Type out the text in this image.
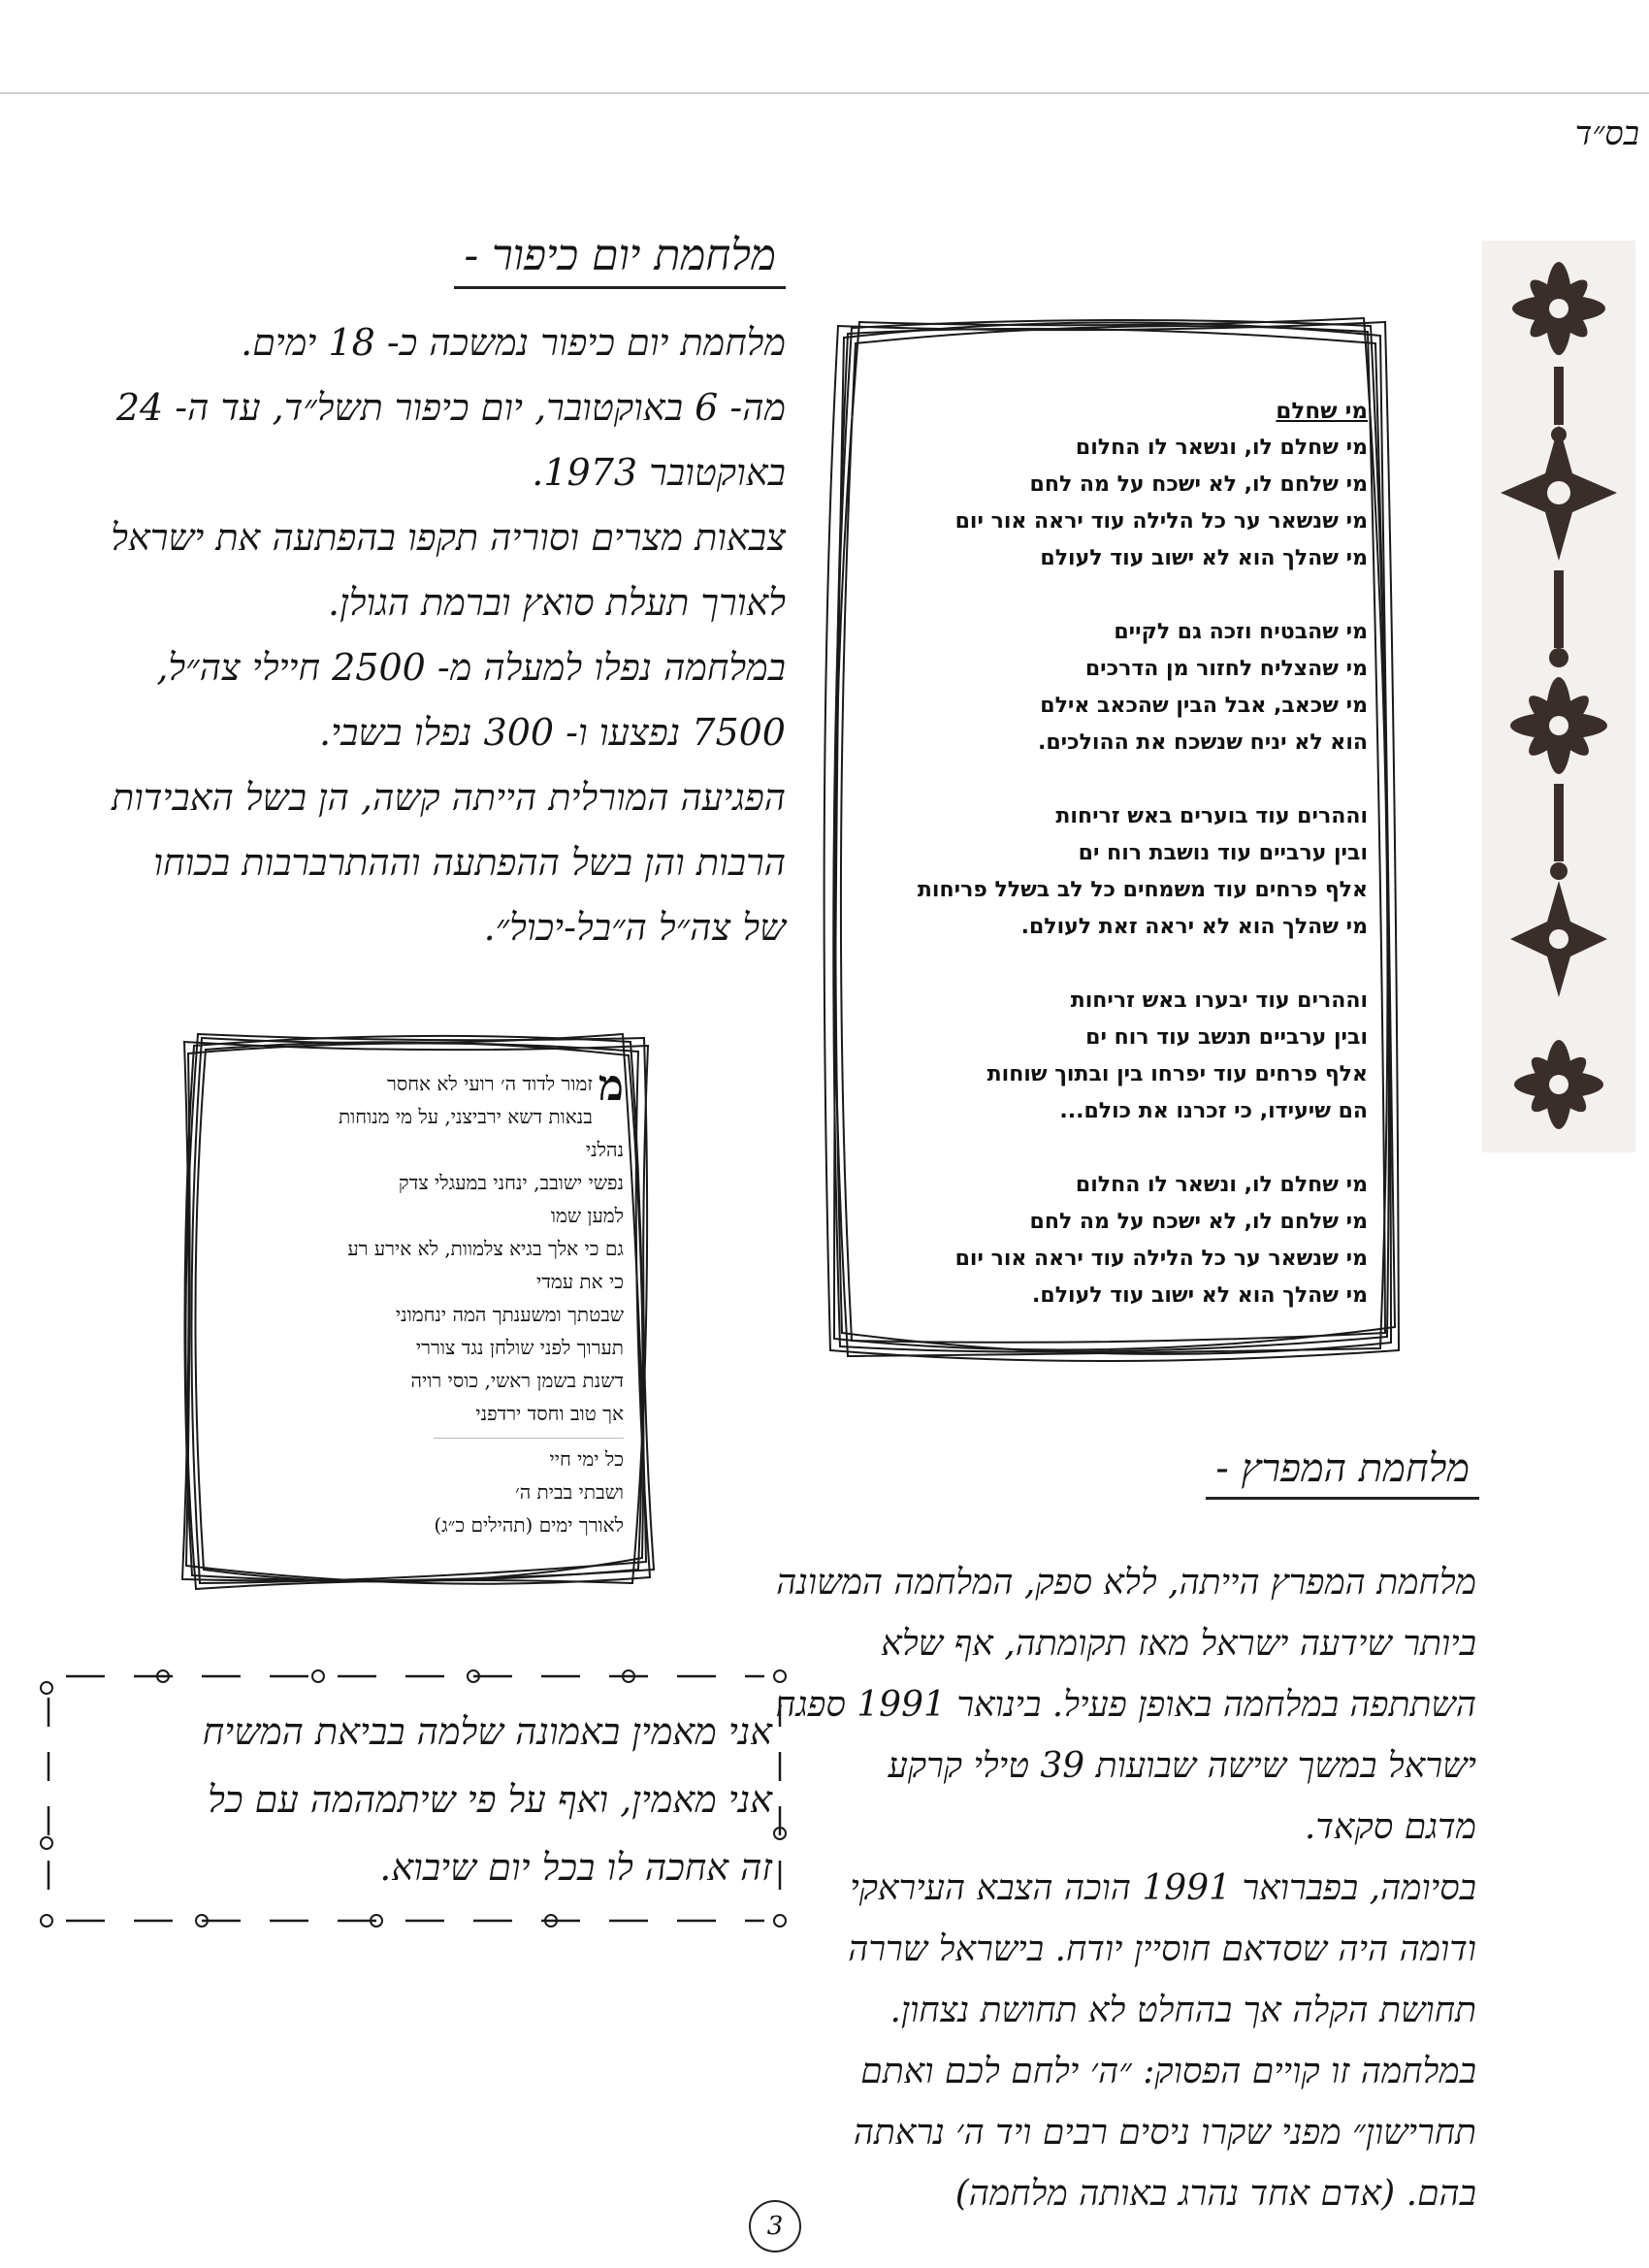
בס״ד
מלחמת יום כיפור -
מלחמת יום כיפור נמשכה כ- 18 ימים.
מה- 6 באוקטובר, יום כיפור תשל״ד, עד ה- 24
באוקטובר 1973.
צבאות מצרים וסוריה תקפו בהפתעה את ישראל
לאורך תעלת סואץ וברמת הגולן.
במלחמה נפלו למעלה מ- 2500 חיילי צה״ל,
7500 נפצעו ו- 300 נפלו בשבי.
הפגיעה המורלית הייתה קשה, הן בשל האבידות
הרבות והן בשל ההפתעה וההתרברבות בכוחו
של צה״ל ה״בל-יכול״.
מי שחלם
מי שחלם לו, ונשאר לו החלום
מי שלחם לו, לא ישכח על מה לחם
מי שנשאר ער כל הלילה עוד יראה אור יום
מי שהלך הוא לא ישוב עוד לעולם
מי שהבטיח וזכה גם לקיים
מי שהצליח לחזור מן הדרכים
מי שכאב, אבל הבין שהכאב אילם
הוא לא יניח שנשכח את ההולכים.
וההרים עוד בוערים באש זריחות
ובין ערביים עוד נושבת רוח ים
אלף פרחים עוד משמחים כל לב בשלל פריחות
מי שהלך הוא לא יראה זאת לעולם.
וההרים עוד יבערו באש זריחות
ובין ערביים תנשב עוד רוח ים
אלף פרחים עוד יפרחו בין ובתוך שוחות
הם שיעידו, כי זכרנו את כולם...
מי שחלם לו, ונשאר לו החלום
מי שלחם לו, לא ישכח על מה לחם
מי שנשאר ער כל הלילה עוד יראה אור יום
מי שהלך הוא לא ישוב עוד לעולם.
מ
זמור לדוד ה׳ רועי לא אחסר
בנאות דשא ירביצני, על מי מנוחות
נהלני
נפשי ישובב, ינחני במעגלי צדק
למען שמו
גם כי אלך בגיא צלמוות, לא אירע רע
כי את עמדי
שבטתך ומשענתך המה ינחמוני
תערוך לפני שולחן נגד צוררי
דשנת בשמן ראשי, כוסי רויה
אך טוב וחסד ירדפני
כל ימי חיי
ושבתי בבית ה׳
לאורך ימים (תהילים כ״ג)
מלחמת המפרץ -
מלחמת המפרץ הייתה, ללא ספק, המלחמה המשונה
ביותר שידעה ישראל מאז תקומתה, אף שלא
השתתפה במלחמה באופן פעיל. בינואר 1991 ספגה
ישראל במשך שישה שבועות 39 טילי קרקע
מדגם סקאד.
בסיומה, בפברואר 1991 הוכה הצבא העיראקי
ודומה היה שסדאם חוסיין יודח. בישראל שררה
תחושת הקלה אך בהחלט לא תחושת נצחון.
במלחמה זו קויים הפסוק: ״ה׳ ילחם לכם ואתם
תחרישון״ מפני שקרו ניסים רבים ויד ה׳ נראתה
בהם. (אדם אחד נהרג באותה מלחמה)
אני מאמין באמונה שלמה בביאת המשיח
אני מאמין, ואף על פי שיתמהמה עם כל
זה אחכה לו בכל יום שיבוא.
3
